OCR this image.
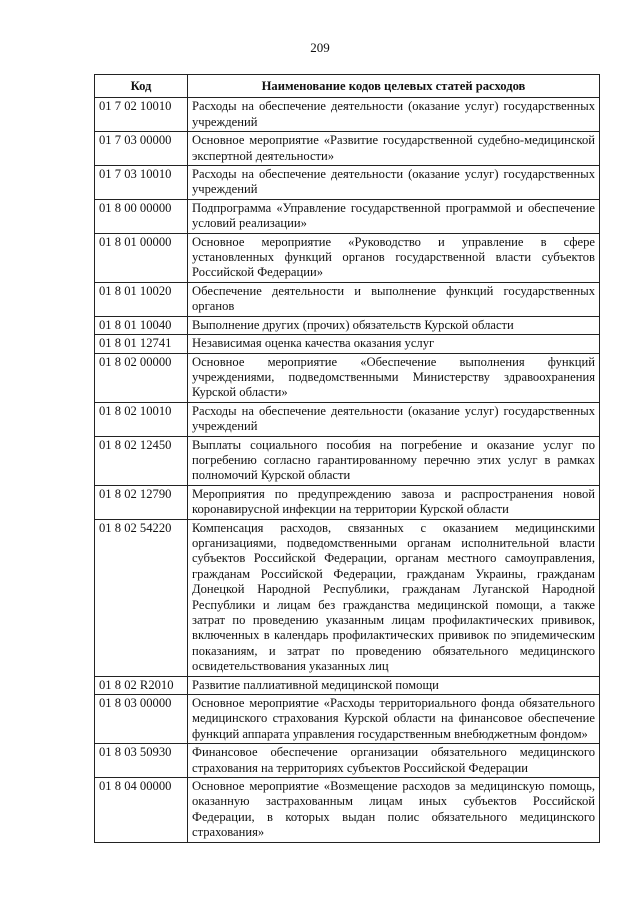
209
Код	Наименование кодов целевых статей расходов
01 7 02 10010	Расходы на обеспечение деятельности (оказание услуг) государственных учреждений
01 7 03 00000	Основное мероприятие «Развитие государственной судебно-медицинской экспертной деятельности»
01 7 03 10010	Расходы на обеспечение деятельности (оказание услуг) государственных учреждений
01 8 00 00000	Подпрограмма «Управление государственной программой и обеспечение условий реализации»
01 8 01 00000	Основное мероприятие «Руководство и управление в сфере установленных функций органов государственной власти субъектов Российской Федерации»
01 8 01 10020	Обеспечение деятельности и выполнение функций государственных органов
01 8 01 10040	Выполнение других (прочих) обязательств Курской области
01 8 01 12741	Независимая оценка качества оказания услуг
01 8 02 00000	Основное мероприятие «Обеспечение выполнения функций учреждениями, подведомственными Министерству здравоохранения Курской области»
01 8 02 10010	Расходы на обеспечение деятельности (оказание услуг) государственных учреждений
01 8 02 12450	Выплаты социального пособия на погребение и оказание услуг по погребению согласно гарантированному перечню этих услуг в рамках полномочий Курской области
01 8 02 12790	Мероприятия по предупреждению завоза и распространения новой коронавирусной инфекции на территории Курской области
01 8 02 54220	Компенсация расходов, связанных с оказанием медицинскими организациями, подведомственными органам исполнительной власти субъектов Российской Федерации, органам местного самоуправления, гражданам Российской Федерации, гражданам Украины, гражданам Донецкой Народной Республики, гражданам Луганской Народной Республики и лицам без гражданства медицинской помощи, а также затрат по проведению указанным лицам профилактических прививок, включенных в календарь профилактических прививок по эпидемическим показаниям, и затрат по проведению обязательного медицинского освидетельствования указанных лиц
01 8 02 R2010	Развитие паллиативной медицинской помощи
01 8 03 00000	Основное мероприятие «Расходы территориального фонда обязательного медицинского страхования Курской области на финансовое обеспечение функций аппарата управления государственным внебюджетным фондом»
01 8 03 50930	Финансовое обеспечение организации обязательного медицинского страхования на территориях субъектов Российской Федерации
01 8 04 00000	Основное мероприятие «Возмещение расходов за медицинскую помощь, оказанную застрахованным лицам иных субъектов Российской Федерации, в которых выдан полис обязательного медицинского страхования»
